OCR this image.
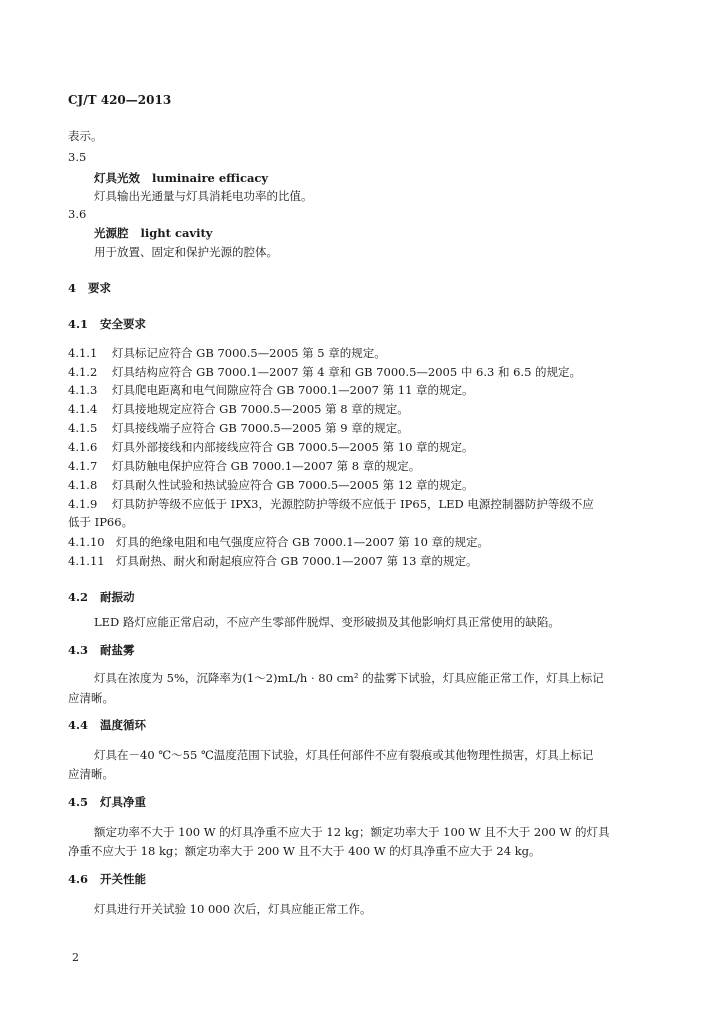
CJ/T 420—2013
表示。
3.5
灯具光效 luminaire efficacy
灯具输出光通量与灯具消耗电功率的比值。
3.6
光源腔 light cavity
用于放置、固定和保护光源的腔体。
4 要求
4.1 安全要求
4.1.1 灯具标记应符合 GB 7000.5—2005 第 5 章的规定。
4.1.2 灯具结构应符合 GB 7000.1—2007 第 4 章和 GB 7000.5—2005 中 6.3 和 6.5 的规定。
4.1.3 灯具爬电距离和电气间隙应符合 GB 7000.1—2007 第 11 章的规定。
4.1.4 灯具接地规定应符合 GB 7000.5—2005 第 8 章的规定。
4.1.5 灯具接线端子应符合 GB 7000.5—2005 第 9 章的规定。
4.1.6 灯具外部接线和内部接线应符合 GB 7000.5—2005 第 10 章的规定。
4.1.7 灯具防触电保护应符合 GB 7000.1—2007 第 8 章的规定。
4.1.8 灯具耐久性试验和热试验应符合 GB 7000.5—2005 第 12 章的规定。
4.1.9 灯具防护等级不应低于 IPX3，光源腔防护等级不应低于 IP65，LED 电源控制器防护等级不应
低于 IP66。
4.1.10 灯具的绝缘电阻和电气强度应符合 GB 7000.1—2007 第 10 章的规定。
4.1.11 灯具耐热、耐火和耐起痕应符合 GB 7000.1—2007 第 13 章的规定。
4.2 耐振动
LED 路灯应能正常启动，不应产生零部件脱焊、变形破损及其他影响灯具正常使用的缺陷。
4.3 耐盐雾
灯具在浓度为 5%，沉降率为(1～2)mL/h · 80 cm² 的盐雾下试验，灯具应能正常工作，灯具上标记
应清晰。
4.4 温度循环
灯具在－40 ℃～55 ℃温度范围下试验，灯具任何部件不应有裂痕或其他物理性损害，灯具上标记
应清晰。
4.5 灯具净重
额定功率不大于 100 W 的灯具净重不应大于 12 kg；额定功率大于 100 W 且不大于 200 W 的灯具
净重不应大于 18 kg；额定功率大于 200 W 且不大于 400 W 的灯具净重不应大于 24 kg。
4.6 开关性能
灯具进行开关试验 10 000 次后，灯具应能正常工作。
2
